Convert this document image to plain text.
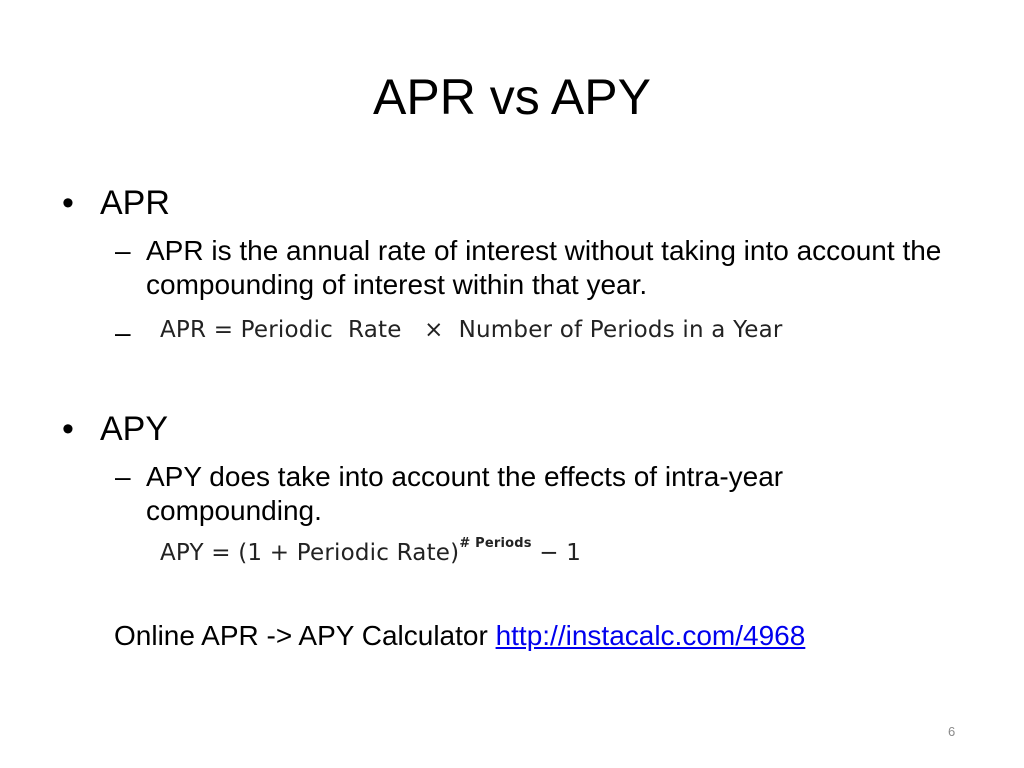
APR vs APY
• APR
– APR is the annual rate of interest without taking into account the compounding of interest within that year.
– APR = Periodic  Rate   ×  Number of Periods in a Year
• APY
– APY does take into account the effects of intra-year compounding.
APY = (1 + Periodic Rate)$^{\# Periods}$ − 1
Online APR -> APY Calculator http://instacalc.com/4968
6
